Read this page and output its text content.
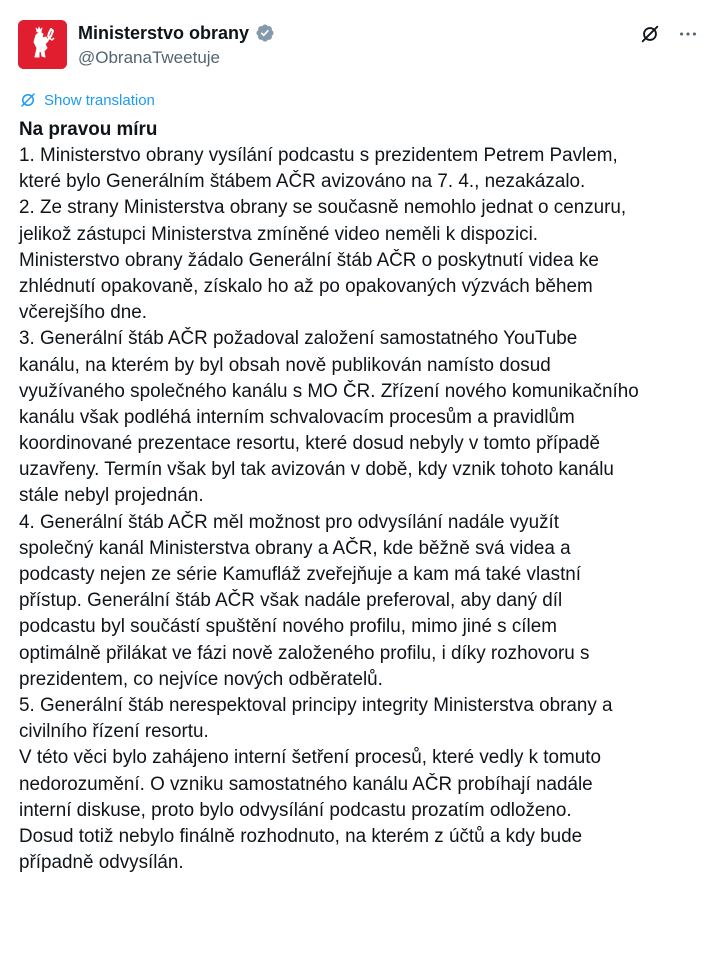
Ministerstvo obrany
@ObranaTweetuje
Show translation
Na pravou míru
1. Ministerstvo obrany vysílání podcastu s prezidentem Petrem Pavlem,
které bylo Generálním štábem AČR avizováno na 7. 4., nezakázalo.
2. Ze strany Ministerstva obrany se současně nemohlo jednat o cenzuru,
jelikož zástupci Ministerstva zmíněné video neměli k dispozici.
Ministerstvo obrany žádalo Generální štáb AČR o poskytnutí videa ke
zhlédnutí opakovaně, získalo ho až po opakovaných výzvách během
včerejšího dne.
3. Generální štáb AČR požadoval založení samostatného YouTube
kanálu, na kterém by byl obsah nově publikován namísto dosud
využívaného společného kanálu s MO ČR. Zřízení nového komunikačního
kanálu však podléhá interním schvalovacím procesům a pravidlům
koordinované prezentace resortu, které dosud nebyly v tomto případě
uzavřeny. Termín však byl tak avizován v době, kdy vznik tohoto kanálu
stále nebyl projednán.
4. Generální štáb AČR měl možnost pro odvysílání nadále využít
společný kanál Ministerstva obrany a AČR, kde běžně svá videa a
podcasty nejen ze série Kamufláž zveřejňuje a kam má také vlastní
přístup. Generální štáb AČR však nadále preferoval, aby daný díl
podcastu byl součástí spuštění nového profilu, mimo jiné s cílem
optimálně přilákat ve fázi nově založeného profilu, i díky rozhovoru s
prezidentem, co nejvíce nových odběratelů.
5. Generální štáb nerespektoval principy integrity Ministerstva obrany a
civilního řízení resortu.
V této věci bylo zahájeno interní šetření procesů, které vedly k tomuto
nedorozumění. O vzniku samostatného kanálu AČR probíhají nadále
interní diskuse, proto bylo odvysílání podcastu prozatím odloženo.
Dosud totiž nebylo finálně rozhodnuto, na kterém z účtů a kdy bude
případně odvysílán.
